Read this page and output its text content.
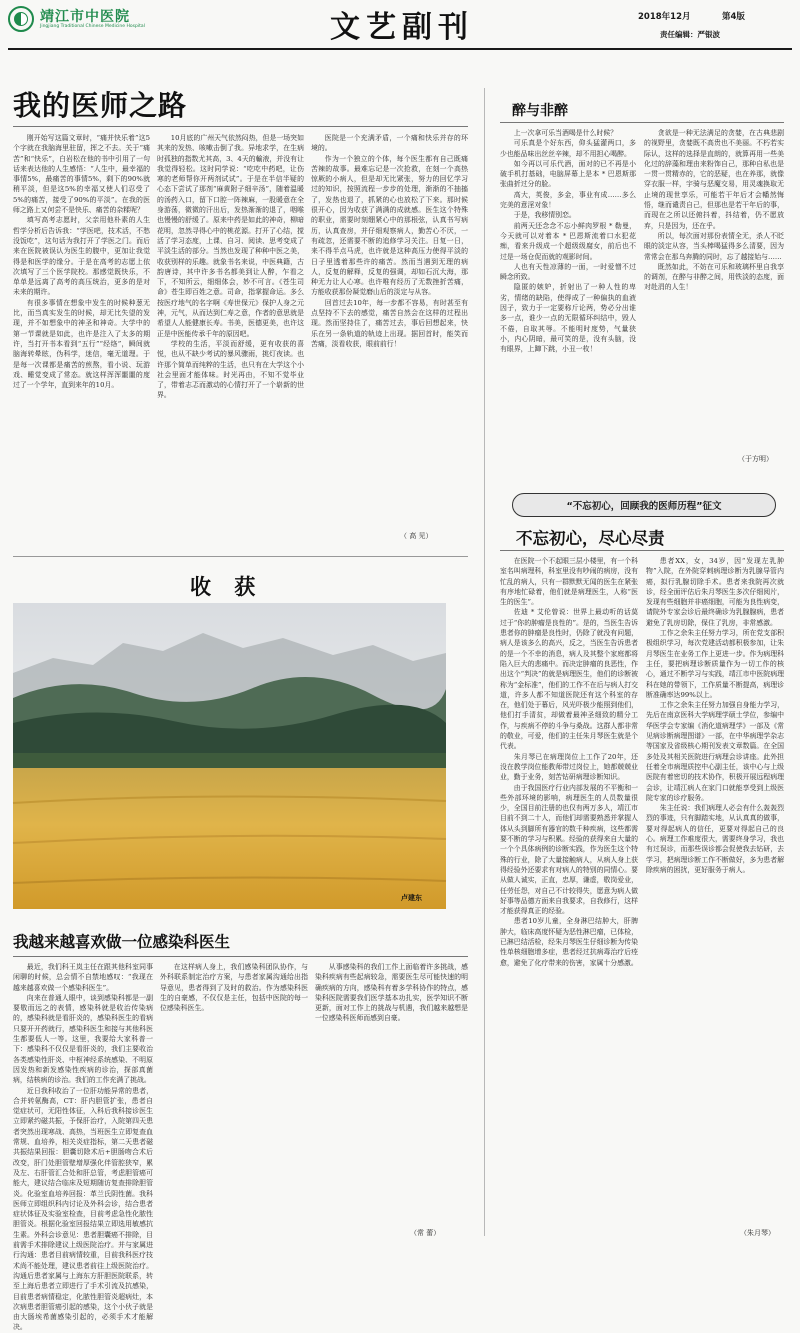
靖江市中医院
Jingjiang Traditional Chinese Medicine Hospital	文艺副刊	2018年12月	第4版
责任编辑：严银波
我的医师之路

刚开始写这篇文章时，“痛并快乐着”这5个字就在我脑海里驻留，挥之不去。关于“痛苦”和“快乐”，白岩松在他的书中引用了一句话来表达他的人生感悟：“人生中，最幸福的事情5%，最痛苦的事情5%，剩下的90%就稍平淡，但是这5%的幸福又使人们忍受了5%的痛苦，接受了90%的平淡”。在我的医师之路上又何尝不是快乐、痛苦的杂糅呢？

填写高考志愿时，父亲用他朴素的人生哲学分析后告诉我：“学医吧，技术活，不愁没饭吃”，这句话为我打开了学医之门。而后来在医院被误认为医生的腹中，更加让我觉得是和医学的缘分。于是在高考的志愿上依次填写了三个医学院校。那感觉既快乐，不单单是远离了高考的高压统治，更多的是对未来的期许。

有很多事情在想象中发生的时候种葱无比，而当真实发生的时候，却无比失望的发现，并不如想象中的神圣和神奇。大学中的第一节课就是如此，也许是注入了太多的期许，当打开书本看到“五行”“经络”，瞬间就脑海转晕眩，伪科学，迷信，毫无道理。于是每一次课都是痛苦的煎熬，看小说、玩游戏、睡觉变成了常态。就这样浑浑噩噩的度过了一个学年，直到来年的10月。

10月底的广州天气依然闷热，但是一场突如其来的发热、咳嗽击倒了我。异地求学，在生病时孤独的指数尤其高，3、4天的輸液，并没有让我觉得轻松。这时同学说：“吃吃中药吧，让伤寒的老师帮你开两剂试试”。于是在半信半疑的心态下尝试了那剂“麻黄附子细辛汤”，随着温暖的汤药入口，留下口腔一阵辣麻，一股暖意在全身游荡，微微的汗出后，发热渐渐的退了，咽喉也慢慢的舒缓了。原来中药是如此的神奇，柳暗花明，忽然寻得心中的桃花源。打开了心结，搅活了学习态度，上课、自习、阅读、思考变成了平淡生活的部分。当然也发现了种种中医之美，收获别样的乐趣。就象书名来说，中医典籍，古韵唐诗，其中许多书名都美到让人醉，乍看之下，不知所云，细细体会，妙不可言。《苍生司命》苍生即百姓之意。司命，指掌握命运。多么按医疗地气的名字啊《寿世保元》保护人身之元神，元气，从而达到仁寿之意，作者的意思就是希望人人能健康长寿。书美，医德更美，也许这正是中医能传承千年的原因吧。

学校的生活，平淡而舒缓，更有收获的喜悦，也从不缺少考试的暴风骤雨，挑灯夜读。也许那个简单而纯粹的生活，也只有在大学这个小社会里面才能体味。时光再由，不知不觉毕业了，带着志忑而激动的心情打开了一个崭新的世界。

医院是一个充满矛盾，一个痛和快乐并存的环境的。

作为一个独立的个体，每个医生都有自己既痛苦辣的故事。最难忘记是一次抢救，在刻一个高热惊厥的小病人，但是却无比紧张，努力的回忆学习过的知识，按照流程一步步的处理，渐渐的不抽搐了，发热也退了，抓紧的心也放松了下来。那时候很开心，因为收获了满满的成就感。医生这个特殊的职业，需要时刻绷紧心中的那根弦，认真书写病历，认真查房，并仔细观察病人，勤苦心不厌，一有疏忽，还需要不断的追修学习关注。日复一日，来不得半点马虎，也许就是这种高压力使得平淡的日子里透着那些许的痛苦。然而当遇到无理的病人，反复的解释，反复的强调，却如石沉大海，那种无力让人心寒。也许唯有经历了无数挫折苦痛，方能收获那份凝觉磨山后的淡定与从容。

回首过去10年，每一步都不容易，有时甚至有点坚持不下去的感觉，痛苦自然会在这样的过程出现。然而坚持住了，痛苦过去，事后回想起来，快乐在另一条轨道的轨迹上出现。据回首时，能笑而苦痛，淡看收获，眼前前行！

（ 高 见）
收 获
卢建东
我越来越喜欢做一位感染科医生

最近，我们科王岚主任在跟其他科室同事闲聊的时候，总会情不自禁地感叹：“我现在越来越喜欢做一个感染科医生”。

向来在普通人眼中，谈到感染科都是一副要敬而远之的表情，感染科就是收治传染病的，感染科就是看肝炎的，感染科医生的看病只要开开药就行，感染科医生和接与其他科医生都要低人一等。这里，我要给大家科普一下：感染科不仅仅是看肝炎的，我们主要收治各类感染性肝炎、中枢神经系统感染、不明原因发热和新发感染性疾病的诊治，探部真菌病，结核病的诊治。我们的工作充满了挑战。

近日我科收治了一位肝功能异常的患者，合并转氨酶高，CT：肝内胆管扩张，患者自觉症状可，无阳性体征，入科后我科接诊医生立即紧约磁共振，予保肝治疗，入院第四天患者突然出现寒战、高热，当班医生立即复查血常规、血培养，相关炎症指标，第二天患者磁共振结果回报：胆囊切除术后+胆肠吻合术后改变，肝门处胆管壁增厚强化伴管腔狭窄，累及左、右肝管汇合处和肝总管，考虑胆管癌可能大，建议结合临床及短期随访复查排除胆管炎。化验室血培养回报：革兰氏阴性菌。我科医师立即组织科内讨论及外科会诊，结合患者症状体征及实验室检查，目前考虑急性化脓性胆管炎。根据化验室回报结果立即选用敏感抗生素。外科会诊意见：患者胆囊癌不排除，目前需手术排除建议上级医院治疗。并与家属进行沟通：患者目前病情较重，目前我科医疗技术尚不能处理，建议患者前往上级医院治疗。沟通后患者家属与上海东方肝胆医院联系，转至上海后患者立即进行了手术引流及抗感染，目前患者病情稳定，化脓性胆管炎超病灶，本次病患者胆管癌引起的感染，这个小伙子就是由大肠埃希菌感染引起的，必须手术才能解决。

在这样病人身上，我们感染科团队协作，与外科联系制定治疗方案，与患者家属沟通给出指导意见，患者得到了及时的救治。作为感染科医生的自豪感，不仅仅是主任，包括中医院的每一位感染科医生。

从事感染科的我们工作上面临着许多挑战，感染科疾病有些起病较急，需要医生尽可能快速的明确疾病的方向，感染科有着多学科协作的特点，感染科医院需要我们医学基本功扎实，医学知识不断更新，面对工作上的挑战与机遇，我们越来越想是一位感染科医师而感到自豪。

（常 蕾）
醉与非醉

上一次拿可乐当酒喝是什么时候？

可乐真是个好东西，仰头猛灌两口，多少也能品味出丝丝辛辣，却不用担心喝醉。

如今再以可乐代酒，面对的已不再是小破手机打基础，电脑屏幕上是本 * 巴恩斯那张曲折过分的脸。

高大，英俊，多金，事业有成……多么完美的意淫对象！

于是，我移情别恋。

前两天还念念不忘小鲜肉罗根 * 勒曼，今天就可以对着本 * 巴恩斯流着口水犯花痴，看来升级成一个超级级腐女，前后也不过是一场仓促而就的观影时间。

人也有天性凉薄的一面，一时爱憎不过瞬念所致。

隐匿的嫉妒，折射出了一种人性的卑劣，情绪的缺陷，使得成了一种偏执的血液因子，致力于一定要称斤论两，势必分出谁多一点，谁少一点的无限循环纠结中，毁人不倦，自取其辱。不能明时度势，气量狭小，内心阴暗，最可笑的是，没有头脑，没有眼界，上蹿下跳，小丑一枚！

贪欲是一种无法满足的贪婪，在古典悲剧的视野里，贪婪既不高贵也不美丽。不朽若实际认，这样的选择是直朗的，就算再用一些美化过的辞藻和理由来粉饰自己，那种自私也是一贯一贯精赤的，它的恶疑，也在养那，就像穿衣服一样，宇骑与恶魔交易，用灵魂换取无止境的现世享乐，可能若干年后才会幡然悔悟，继而谴责自己，但那也是若干年后的事，而现在之所以还俯抖着，抖结着，仍不愿放弃，只是因为，还在乎。

所以，每次面对那份表情全无，杀人不眨眼的淡定从容，当头棒喝猛得多么清要，因为常常会在那乌奔腾的同时，忘了越接始与……

既然如此，不妨在可乐和玻璃杯里自我享的调剂，在醉与非醉之间，用铁淡的态度，面对赴涓的人生！

（于方明）
“不忘初心，回顾我的医师历程”征文
不忘初心，尽心尽责

在医院一个不起眼三层小楼里，有一个科室名叫病理科，科室里没有吵闹的病房，没有忙乱的病人，只有一群默默无闻的医生在紧张有序地忙碌着，他们就是病理医生，人称“医生的医生”。

佐迪 * 艾伦曾说：世界上最动听的话莫过于“你的肿瘤是良性的”。是的，当医生告诉患者你的肿瘤是良性时，仍除了就没有问题，病人是该多么的高兴，反之，当医生告诉患者的是一个不幸的消息，病人及其整个家庭都将陷入巨大的悲痛中。而决定肿瘤的良恶性，作出这个“判决”的就是病理医生，他们的诊断被称为“金标准”，他们的工作不在后与病人打交道，许多人都不知道医院还有这个科室的存在，他们处于幕后，风光吓极少能照到他们，他们打手清贫，却做着最神圣细致的精分工作，与疾病不停的斗争与桑战。这群人都非常的敬业，可爱，他们的主任朱月琴医生就是个代表。

朱月琴已在病理岗位上工作了20年，还没在教学岗位能教师带过岗位上，她都兢兢业业，勤于业务，刻苦钻研病理诊断知识。

由于我国医疗行业内部发展的不平衡和一些外部环境的影响，病理医生的人员数量很少，全国目前注册的也仅有两万多人，靖江市目前不到二十人，而他们却需要熟悉并掌握人体从头到脚所有器官的数千种疾病，这些都需要不断的学习与积累。经验的获得来自大量的一个个具体病例的诊断实践，作为医生这个特殊的行业，除了大量接触病人，从病人身上获得经验外还要求有对病人的特别的同情心。要从做人诚实，正直，忠厚，谦虚，敬岗爱业，任劳任怨，对自己不计较得失，愿意为病人做好事等品德方面来自我要求，自我修行，这样才能获得真正的经验。

患者10岁儿童，全身淋巴结肿大，肝脾肿大，临床高度怀疑为恶性淋巴瘤，已体检，已淋巴结活检，经朱月琴医生仔细诊断为传染性单核细胞增多症，患者经过抗病毒治疗后痊愈，避免了化疗带来的伤害，家属十分感激。

患者XX，女，34岁，因“发现左乳肿物”入院，在外院穿刺病理诊断为乳腺导管内癌，拟行乳腺切除手术。患者来我院再次就诊，经全面评估后朱月琴医生多次仔细阅片，发现有些细胞并非癌细胞，可能为良性病变，请院外专家会诊后最终确诊为乳腺腺病，患者避免了乳房切除，保住了乳房，非常感激。

工作之余朱主任努力学习，所在党支部积极组织学习，每次党建活动都积极参加，让朱月琴医生在业务工作上更进一步。作为病理科主任，要把病理诊断质量作为一切工作的核心，通过不断学习与实践，靖江市中医院病理科在她的带领下，工作质量不断提高，病理诊断准确率达99%以上。

工作之余朱主任努力加强自身能力学习，先后在南京医科大学病理学硕士学位，参编中华医学会专家编《消化道病理学》一部及《常见病诊断病理图谱》一部，在中华病理学杂志等国家及省级核心期刊发表文章数篇。在全国多处及其相关医院进行病理会诊讲座。此外担任着全市病理质控中心副主任，该中心与上级医院有着密切的技术协作，积极开展远程病理会诊，让靖江病人在家门口就能享受到上级医院专家的诊疗服务。

朱主任说：我们病理人必会有什么轰轰烈烈的事迹，只有脚踏实地，从认真真的做事，要对得起病人的信任，更要对得起自己的良心。病理工作难度很大，需要终身学习，我也有过误诊，而那些误诊都会促使我去钻研，去学习，把病理诊断工作不断做好，多为患者解除疾病的困扰，更好服务于病人。

（朱月琴）
